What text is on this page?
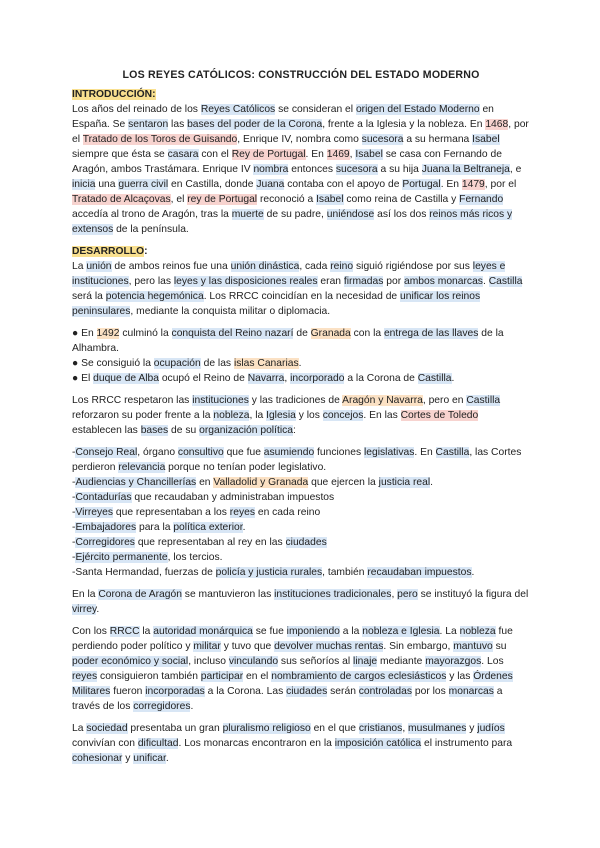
LOS REYES CATÓLICOS: CONSTRUCCIÓN DEL ESTADO MODERNO
INTRODUCCIÓN:

Los años del reinado de los Reyes Católicos se consideran el origen del Estado Moderno en España. Se sentaron las bases del poder de la Corona, frente a la Iglesia y la nobleza. En 1468, por el Tratado de los Toros de Guisando, Enrique IV, nombra como sucesora a su hermana Isabel siempre que ésta se casara con el Rey de Portugal. En 1469, Isabel se casa con Fernando de Aragón, ambos Trastámara. Enrique IV nombra entonces sucesora a su hija Juana la Beltraneja, e inicia una guerra civil en Castilla, donde Juana contaba con el apoyo de Portugal. En 1479, por el Tratado de Alcaçovas, el rey de Portugal reconoció a Isabel como reina de Castilla y Fernando accedía al trono de Aragón, tras la muerte de su padre, uniéndose así los dos reinos más ricos y extensos de la península.

DESARROLLO:

La unión de ambos reinos fue una unión dinástica, cada reino siguió rigiéndose por sus leyes e instituciones, pero las leyes y las disposiciones reales eran firmadas por ambos monarcas. Castilla será la potencia hegemónica. Los RRCC coincidían en la necesidad de unificar los reinos peninsulares, mediante la conquista militar o diplomacia.

● En 1492 culminó la conquista del Reino nazarí de Granada con la entrega de las llaves de la Alhambra.
● Se consiguió la ocupación de las islas Canarias.
● El duque de Alba ocupó el Reino de Navarra, incorporado a la Corona de Castilla.

Los RRCC respetaron las instituciones y las tradiciones de Aragón y Navarra, pero en Castilla reforzaron su poder frente a la nobleza, la Iglesia y los concejos. En las Cortes de Toledo establecen las bases de su organización política:

-Consejo Real, órgano consultivo que fue asumiendo funciones legislativas. En Castilla, las Cortes perdieron relevancia porque no tenían poder legislativo.
-Audiencias y Chancillerías en Valladolid y Granada que ejercen la justicia real.
-Contadurías que recaudaban y administraban impuestos
-Virreyes que representaban a los reyes en cada reino
-Embajadores para la política exterior.
-Corregidores que representaban al rey en las ciudades
-Ejército permanente, los tercios.
-Santa Hermandad, fuerzas de policía y justicia rurales, también recaudaban impuestos.

En la Corona de Aragón se mantuvieron las instituciones tradicionales, pero se instituyó la figura del virrey.

Con los RRCC la autoridad monárquica se fue imponiendo a la nobleza e Iglesia. La nobleza fue perdiendo poder político y militar y tuvo que devolver muchas rentas. Sin embargo, mantuvo su poder económico y social, incluso vinculando sus señoríos al linaje mediante mayorazgos. Los reyes consiguieron también participar en el nombramiento de cargos eclesiásticos y las Órdenes Militares fueron incorporadas a la Corona. Las ciudades serán controladas por los monarcas a través de los corregidores.

La sociedad presentaba un gran pluralismo religioso en el que cristianos, musulmanes y judíos convivían con dificultad. Los monarcas encontraron en la imposición católica el instrumento para cohesionar y unificar.
